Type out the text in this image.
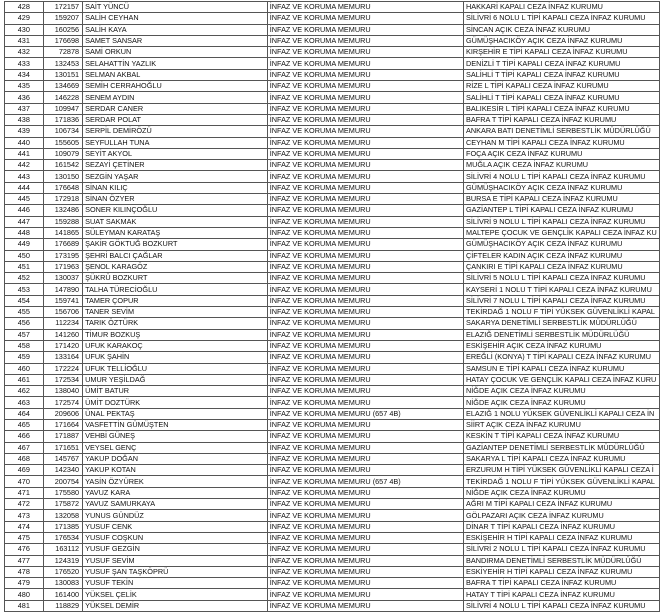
428	172157	SAİT YÜNCÜ	İNFAZ VE KORUMA MEMURU	HAKKARİ KAPALI CEZA İNFAZ KURUMU
429	159207	SALİH CEYHAN	İNFAZ VE KORUMA MEMURU	SİLİVRİ 6 NOLU L TİPİ KAPALI CEZA İNFAZ KURUMU
430	160256	SALİH KAYA	İNFAZ VE KORUMA MEMURU	SİNCAN AÇIK CEZA İNFAZ KURUMU
431	176698	SAMET SANSAR	İNFAZ VE KORUMA MEMURU	GÜMÜŞHACIKÖY AÇIK CEZA İNFAZ KURUMU
432	72878	SAMİ ORKUN	İNFAZ VE KORUMA MEMURU	KIRŞEHİR E TİPİ KAPALI CEZA İNFAZ KURUMU
433	132453	SELAHATTİN YAZLIK	İNFAZ VE KORUMA MEMURU	DENİZLİ T TİPİ KAPALI CEZA İNFAZ KURUMU
434	130151	SELMAN AKBAL	İNFAZ VE KORUMA MEMURU	SALİHLİ T TİPİ KAPALI CEZA İNFAZ KURUMU
435	134669	SEMİH CERRAHOĞLU	İNFAZ VE KORUMA MEMURU	RİZE L TİPİ KAPALI CEZA İNFAZ KURUMU
436	146228	SENEM AYDIN	İNFAZ VE KORUMA MEMURU	SALİHLİ T TİPİ KAPALI CEZA İNFAZ KURUMU
437	109947	SERDAR CANER	İNFAZ VE KORUMA MEMURU	BALIKESİR L TİPİ KAPALI CEZA İNFAZ KURUMU
438	171836	SERDAR POLAT	İNFAZ VE KORUMA MEMURU	BAFRA T TİPİ KAPALI CEZA İNFAZ KURUMU
439	106734	SERPİL DEMİRÖZÜ	İNFAZ VE KORUMA MEMURU	ANKARA BATI DENETİMLİ SERBESTLİK MÜDÜRLÜĞÜ
440	155605	SEYFULLAH TUNA	İNFAZ VE KORUMA MEMURU	CEYHAN M TİPİ KAPALI CEZA İNFAZ KURUMU
441	109079	SEYİT AKYOL	İNFAZ VE KORUMA MEMURU	FOÇA AÇIK CEZA İNFAZ KURUMU
442	161542	SEZAYİ ÇETİNER	İNFAZ VE KORUMA MEMURU	MUĞLA AÇIK CEZA İNFAZ KURUMU
443	130150	SEZGİN YAŞAR	İNFAZ VE KORUMA MEMURU	SİLİVRİ 4 NOLU L TİPİ KAPALI CEZA İNFAZ KURUMU
444	176648	SİNAN KILIÇ	İNFAZ VE KORUMA MEMURU	GÜMÜŞHACIKÖY AÇIK CEZA İNFAZ KURUMU
445	172918	SİNAN ÖZYER	İNFAZ VE KORUMA MEMURU	BURSA E TİPİ KAPALI CEZA İNFAZ KURUMU
446	132486	SONER KILINÇOĞLU	İNFAZ VE KORUMA MEMURU	GAZİANTEP L TİPİ KAPALI CEZA İNFAZ KURUMU
447	159288	SUAT SAKMAK	İNFAZ VE KORUMA MEMURU	SİLİVRİ 9 NOLU L TİPİ KAPALI CEZA İNFAZ KURUMU
448	141865	SÜLEYMAN KARATAŞ	İNFAZ VE KORUMA MEMURU	MALTEPE ÇOCUK VE GENÇLİK KAPALI CEZA İNFAZ KU
449	176689	ŞAKİR GÖKTUĞ BOZKURT	İNFAZ VE KORUMA MEMURU	GÜMÜŞHACIKÖY AÇIK CEZA İNFAZ KURUMU
450	173195	ŞEHRİ BALCI ÇAĞLAR	İNFAZ VE KORUMA MEMURU	ÇİFTELER KADIN AÇIK CEZA İNFAZ KURUMU
451	171963	ŞENOL KARAGÖZ	İNFAZ VE KORUMA MEMURU	ÇANKIRI E TİPİ KAPALI CEZA İNFAZ KURUMU
452	130037	ŞÜKRÜ BOZKURT	İNFAZ VE KORUMA MEMURU	SİLİVRİ 5 NOLU L TİPİ KAPALI CEZA İNFAZ KURUMU
453	147890	TALHA TÜRECİOĞLU	İNFAZ VE KORUMA MEMURU	KAYSERİ 1 NOLU T TİPİ KAPALI CEZA İNFAZ KURUMU
454	159741	TAMER ÇOPUR	İNFAZ VE KORUMA MEMURU	SİLİVRİ 7 NOLU L TİPİ KAPALI CEZA İNFAZ KURUMU
455	156706	TANER SEVİM	İNFAZ VE KORUMA MEMURU	TEKİRDAĞ 1 NOLU F TİPİ YÜKSEK GÜVENLİKLİ KAPAL
456	112234	TARIK ÖZTÜRK	İNFAZ VE KORUMA MEMURU	SAKARYA DENETİMLİ SERBESTLİK MÜDÜRLÜĞÜ
457	141260	TİMUR BOZKUŞ	İNFAZ VE KORUMA MEMURU	ELAZIĞ DENETİMLİ SERBESTLİK MÜDÜRLÜĞÜ
458	171420	UFUK KARAKOÇ	İNFAZ VE KORUMA MEMURU	ESKİŞEHİR AÇIK CEZA İNFAZ KURUMU
459	133164	UFUK ŞAHİN	İNFAZ VE KORUMA MEMURU	EREĞLİ (KONYA) T TİPİ KAPALI CEZA İNFAZ KURUMU
460	172224	UFUK TELLİOĞLU	İNFAZ VE KORUMA MEMURU	SAMSUN E TİPİ KAPALI CEZA İNFAZ KURUMU
461	172534	UMUR YEŞİLDAĞ	İNFAZ VE KORUMA MEMURU	HATAY ÇOCUK VE GENÇLİK KAPALI CEZA İNFAZ KURU
462	138040	ÜMİT BATUR	İNFAZ VE KORUMA MEMURU	NİĞDE AÇIK CEZA İNFAZ KURUMU
463	172574	ÜMİT DOZTÜRK	İNFAZ VE KORUMA MEMURU	NİĞDE AÇIK CEZA İNFAZ KURUMU
464	209606	ÜNAL PEKTAŞ	İNFAZ VE KORUMA MEMURU (657 4B)	ELAZIĞ 1 NOLU YÜKSEK GÜVENLİKLİ KAPALI CEZA İN
465	171664	VASFETTİN GÜMÜŞTEN	İNFAZ VE KORUMA MEMURU	SİİRT AÇIK CEZA İNFAZ KURUMU
466	171887	VEHBİ GÜNEŞ	İNFAZ VE KORUMA MEMURU	KESKİN T TİPİ KAPALI CEZA İNFAZ KURUMU
467	171651	VEYSEL GENÇ	İNFAZ VE KORUMA MEMURU	GAZİANTEP DENETİMLİ SERBESTLİK MÜDÜRLÜĞÜ
468	145767	YAKUP DOĞAN	İNFAZ VE KORUMA MEMURU	SAKARYA L TİPİ KAPALI CEZA İNFAZ KURUMU
469	142340	YAKUP KOTAN	İNFAZ VE KORUMA MEMURU	ERZURUM H TİPİ YÜKSEK GÜVENLİKLİ KAPALI CEZA İ
470	200754	YASİN ÖZYÜREK	İNFAZ VE KORUMA MEMURU (657 4B)	TEKİRDAĞ 1 NOLU F TİPİ YÜKSEK GÜVENLİKLİ KAPAL
471	175580	YAVUZ KARA	İNFAZ VE KORUMA MEMURU	NİĞDE AÇIK CEZA İNFAZ KURUMU
472	175872	YAVUZ SAMURKAYA	İNFAZ VE KORUMA MEMURU	AĞRI M TİPİ KAPALI CEZA İNFAZ KURUMU
473	132058	YUNUS GÜNDÜZ	İNFAZ VE KORUMA MEMURU	GÖLPAZARI AÇIK CEZA İNFAZ KURUMU
474	171385	YUSUF CENK	İNFAZ VE KORUMA MEMURU	DİNAR T TİPİ KAPALI CEZA İNFAZ KURUMU
475	176534	YUSUF COŞKUN	İNFAZ VE KORUMA MEMURU	ESKİŞEHİR H TİPİ KAPALI CEZA İNFAZ KURUMU
476	163112	YUSUF GEZGİN	İNFAZ VE KORUMA MEMURU	SİLİVRİ 2 NOLU L TİPİ KAPALI CEZA İNFAZ KURUMU
477	124319	YUSUF SEVİM	İNFAZ VE KORUMA MEMURU	BANDIRMA DENETİMLİ SERBESTLİK MÜDÜRLÜĞÜ
478	176520	YUSUF ŞAN TAŞKÖPRÜ	İNFAZ VE KORUMA MEMURU	ESKİYEHİR H TİPİ KAPALI CEZA İNFAZ KURUMU
479	130083	YUSUF TEKİN	İNFAZ VE KORUMA MEMURU	BAFRA T TİPİ KAPALI CEZA İNFAZ KURUMU
480	161400	YÜKSEL ÇELİK	İNFAZ VE KORUMA MEMURU	HATAY T TİPİ KAPALI CEZA İNFAZ KURUMU
481	118829	YÜKSEL DEMİR	İNFAZ VE KORUMA MEMURU	SİLİVRİ 4 NOLU L TİPİ KAPALI CEZA İNFAZ KURUMU
